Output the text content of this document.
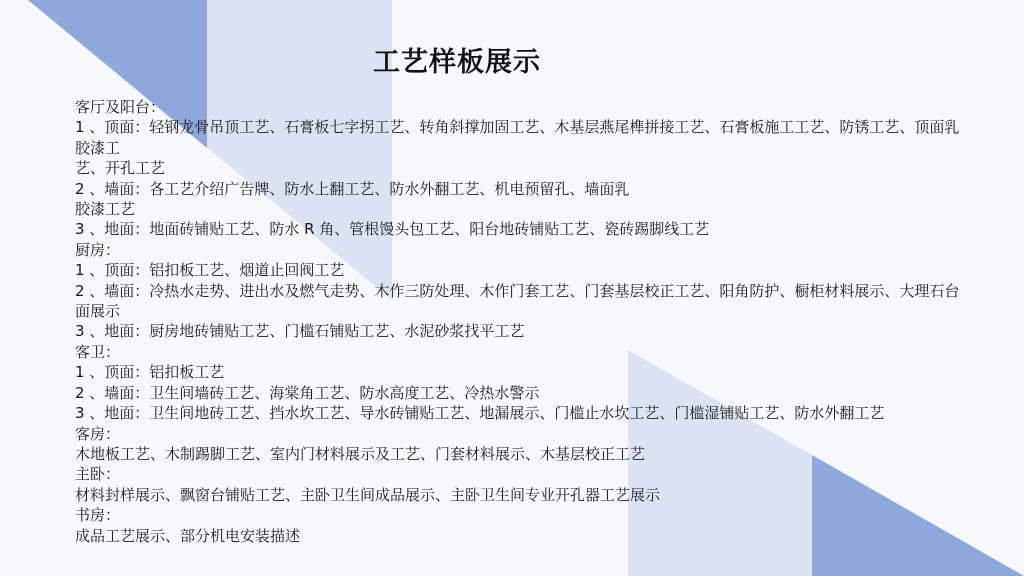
工艺样板展示
客厅及阳台：
1 、顶面：轻钢龙骨吊顶工艺、石膏板七字拐工艺、转角斜撑加固工艺、木基层燕尾榫拼接工艺、石膏板施工工艺、防锈工艺、顶面乳胶漆工
艺、开孔工艺
2 、墙面：各工艺介绍广告牌、防水上翻工艺、防水外翻工艺、机电预留孔、墙面乳
胶漆工艺
3 、地面：地面砖铺贴工艺、防水 R 角、管根馒头包工艺、阳台地砖铺贴工艺、瓷砖踢脚线工艺
厨房：
1 、顶面：铝扣板工艺、烟道止回阀工艺
2 、墙面：冷热水走势、进出水及燃气走势、木作三防处理、木作门套工艺、门套基层校正工艺、阳角防护、橱柜材料展示、大理石台面展示
3 、地面：厨房地砖铺贴工艺、门槛石铺贴工艺、水泥砂浆找平工艺
客卫：
1 、顶面：铝扣板工艺
2 、墙面：卫生间墙砖工艺、海棠角工艺、防水高度工艺、冷热水警示
3 、地面：卫生间地砖工艺、挡水坎工艺、导水砖铺贴工艺、地漏展示、门槛止水坎工艺、门槛湿铺贴工艺、防水外翻工艺
客房：
木地板工艺、木制踢脚工艺、室内门材料展示及工艺、门套材料展示、木基层校正工艺
主卧：
材料封样展示、飘窗台铺贴工艺、主卧卫生间成品展示、主卧卫生间专业开孔器工艺展示
书房：
成品工艺展示、部分机电安装描述
